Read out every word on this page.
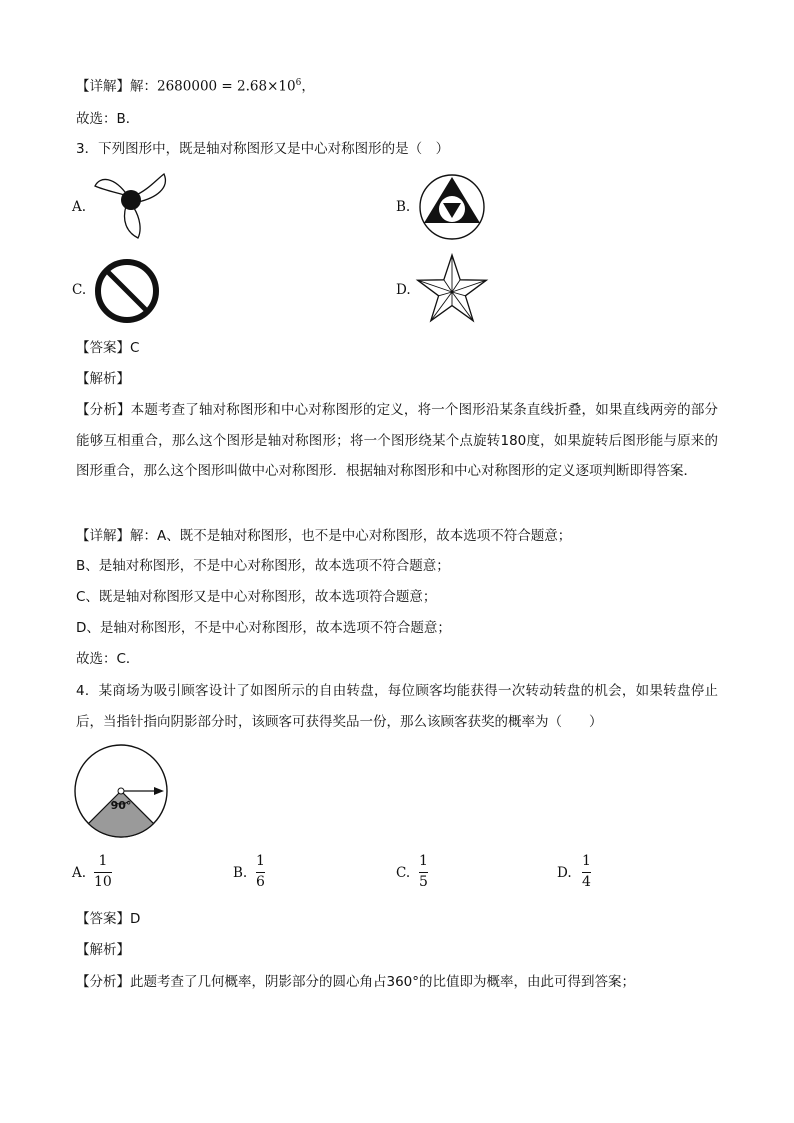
【详解】解：$2680000 = 2.68\times 10^6$，
故选：B．
3．下列图形中，既是轴对称图形又是中心对称图形的是（　）
A.	B.
C.	D.
【答案】C
【解析】
【分析】本题考查了轴对称图形和中心对称图形的定义，将一个图形沿某条直线折叠，如果直线两旁的部分能够互相重合，那么这个图形是轴对称图形；将一个图形绕某个点旋转180度，如果旋转后图形能与原来的图形重合，那么这个图形叫做中心对称图形．根据轴对称图形和中心对称图形的定义逐项判断即得答案．
【详解】解：A、既不是轴对称图形，也不是中心对称图形，故本选项不符合题意；
B、是轴对称图形，不是中心对称图形，故本选项不符合题意；
C、既是轴对称图形又是中心对称图形，故本选项符合题意；
D、是轴对称图形，不是中心对称图形，故本选项不符合题意；
故选：C．
4．某商场为吸引顾客设计了如图所示的自由转盘，每位顾客均能获得一次转动转盘的机会，如果转盘停止后，当指针指向阴影部分时，该顾客可获得奖品一份，那么该顾客获奖的概率为（　　）
90°
A.
1
10
B.
1
6
C.
1
5
D.
1
4
【答案】D
【解析】
【分析】此题考查了几何概率，阴影部分的圆心角占360°的比值即为概率，由此可得到答案；
